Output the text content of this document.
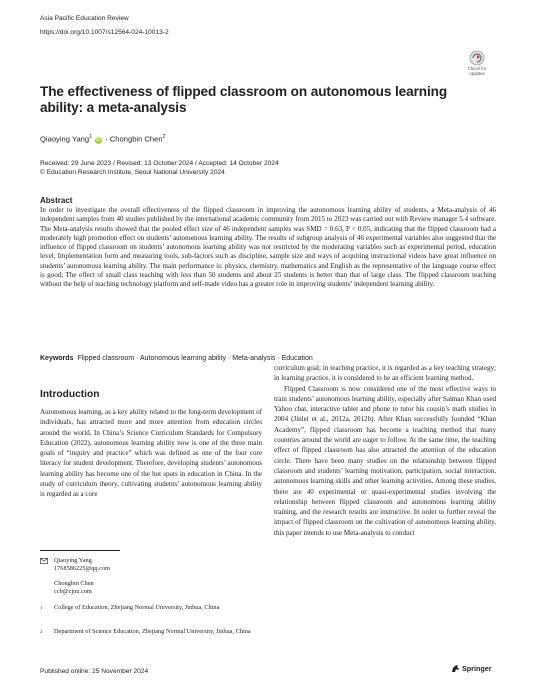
Asia Pacific Education Review
https://doi.org/10.1007/s12564-024-10013-2
Check for
updates
The effectiveness of flipped classroom on autonomous learning ability: a meta‑analysis
Qiaoying Yang$^1$ iD · Chongbin Chen$^2$
Received: 29 June 2023 / Revised: 13 October 2024 / Accepted: 14 October 2024
© Education Research Institute, Seoul National University 2024
Abstract
In order to investigate the overall effectiveness of the flipped classroom in improving the autonomous learning ability of students, a Meta-analysis of 46 independent samples from 40 studies published by the international academic community from 2015 to 2023 was carried out with Review manager 5.4 software. The Meta-analysis results showed that the pooled effect size of 46 independent samples was SMD = 0.63, P < 0.05, indicating that the flipped classroom had a moderately high promotion effect on students’ autonomous learning ability. The results of subgroup analysis of 46 experimental variables also suggested that the influence of flipped classroom on students’ autonomous learning ability was not restricted by the moderating variables such as experimental period, education level, Implementation form and measuring tools, sub-factors such as discipline, sample size and ways of acquiring instructional videos have great influence on students’ autonomous learning ability. The main performance is: physics, chemistry, mathematics and English as the representative of the language course effect is good; The effect of small class teaching with less than 50 students and about 25 students is better than that of large class. The flipped classroom teaching without the help of teaching technology platform and self-made video has a greater role in improving students’ independent learning ability.
Keywords Flipped classroom · Autonomous learning ability · Meta-analysis · Education
Introduction
Autonomous learning, as a key ability related to the long-term development of individuals, has attracted more and more attention from education circles around the world. In China’s Science Curriculum Standards for Compulsory Education (2022), autonomous learning ability now is one of the three main goals of “inquiry and practice” which was defined as one of the four core literacy for student development. Therefore, developing students’ autonomous learning ability has become one of the hot spots in education in China. In the study of curriculum theory, cultivating students’ autonomous learning ability is regarded as a core

curriculum goal; in teaching practice, it is regarded as a key teaching strategy; in learning practice, it is considered to be an efficient learning method.

Flipped Classroom is now considered one of the most effective ways to train students’ autonomous learning ability, especially after Salman Khan used Yahoo chat, interactive tablet and phone to tutor his cousin’s math studies in 2004 (Jinlei et al., 2012a, 2012b). After Khan successfully founded “Khan Academy”, flipped classroom has become a teaching method that many countries around the world are eager to follow. At the same time, the teaching effect of flipped classroom has also attracted the attention of the education circle. There have been many studies on the relationship between flipped classroom and students’ learning motivation, participation, social interaction, autonomous learning skills and other learning activities. Among these studies, there are 40 experimental or quasi-experimental studies involving the relationship between flipped classroom and autonomous learning ability training, and the research results are instructive. In order to further reveal the impact of flipped classroom on the cultivation of autonomous learning ability, this paper intends to use Meta-analysis to conduct

Qiaoying Yang
1768586225@qq.com
Chongbin Chen
ccb@zjnu.com
1 College of Education, Zhejiang Normal University, Jinhua, China
2 Department of Science Education, Zhejiang Normal University, Jinhua, China
Published online: 25 November 2024	Springer
